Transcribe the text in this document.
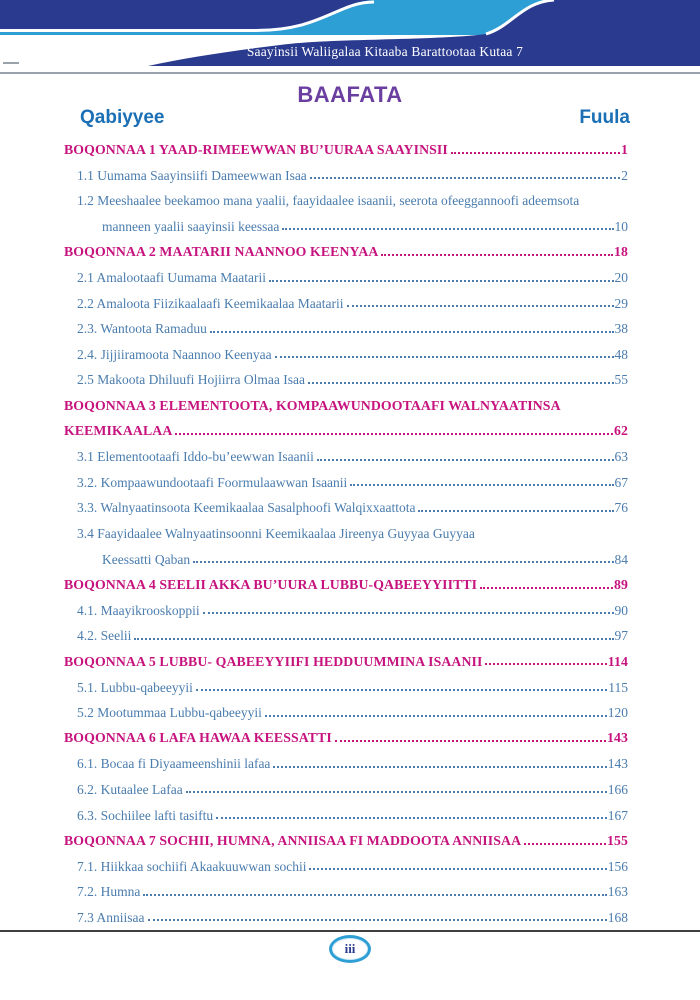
Saayinsii Waliigalaa Kitaaba Barattootaa Kutaa 7
BAAFATA
Qabiyyee	Fuula
BOQONNAA 1 YAAD-RIMEEWWAN BU’UURAA SAAYINSII	1
1.1 Uumama Saayinsiifi Dameewwan Isaa	2
1.2 Meeshaalee beekamoo mana yaalii, faayidaalee isaanii, seerota ofeeggannoofi adeemsota
manneen yaalii saayinsii keessaa	10
BOQONNAA 2 MAATARII NAANNOO KEENYAA	18
2.1 Amalootaafi Uumama Maatarii	20
2.2 Amaloota Fiizikaalaafi Keemikaalaa Maatarii	29
2.3. Wantoota Ramaduu	38
2.4. Jijjiiramoota Naannoo Keenyaa	48
2.5 Makoota Dhiluufi Hojiirra Olmaa Isaa	55
BOQONNAA 3 ELEMENTOOTA, KOMPAAWUNDOOTAAFI WALNYAATINSA
KEEMIKAALAA	62
3.1 Elementootaafi Iddo-bu’eewwan Isaanii	63
3.2. Kompaawundootaafi Foormulaawwan Isaanii	67
3.3. Walnyaatinsoota Keemikaalaa Sasalphoofi Walqixxaattota	76
3.4 Faayidaalee Walnyaatinsoonni Keemikaalaa Jireenya Guyyaa Guyyaa
Keessatti Qaban	84
BOQONNAA 4 SEELII AKKA BU’UURA LUBBU-QABEEYYIITTI	89
4.1. Maayikrooskoppii	90
4.2. Seelii	97
BOQONNAA 5 LUBBU- QABEEYYIIFI HEDDUUMMINA ISAANII	114
5.1. Lubbu-qabeeyyii	115
5.2 Mootummaa Lubbu-qabeeyyii	120
BOQONNAA 6 LAFA HAWAA KEESSATTI	143
6.1. Bocaa fi Diyaameenshinii lafaa	143
6.2. Kutaalee Lafaa	166
6.3. Sochiilee lafti tasiftu	167
BOQONNAA 7 SOCHII, HUMNA, ANNIISAA FI MADDOOTA ANNIISAA	155
7.1. Hiikkaa sochiifi Akaakuuwwan sochii	156
7.2. Humna	163
7.3 Anniisaa	168
iii
